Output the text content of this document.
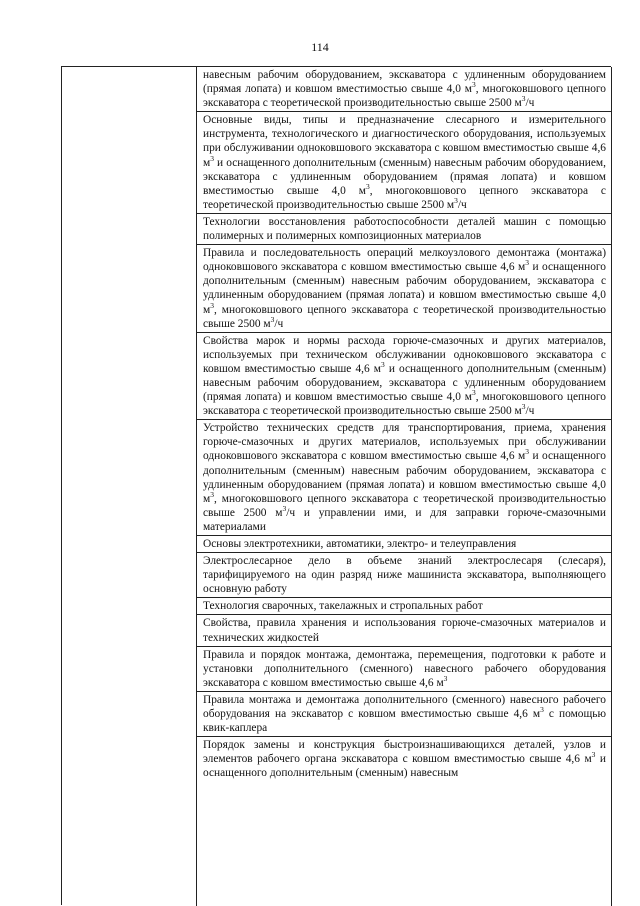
114
навесным рабочим оборудованием, экскаватора с удлиненным оборудованием (прямая лопата) и ковшом вместимостью свыше 4,0 $м^3$, многоковшового цепного экскаватора с теоретической производительностью свыше 2500 $м^3/ч$
Основные виды, типы и предназначение слесарного и измерительного инструмента, технологического и диагностического оборудования, используемых при обслуживании одноковшового экскаватора с ковшом вместимостью свыше 4,6 $м^3$ и оснащенного дополнительным (сменным) навесным рабочим оборудованием, экскаватора с удлиненным оборудованием (прямая лопата) и ковшом вместимостью свыше 4,0 $м^3$, многоковшового цепного экскаватора с теоретической производительностью свыше 2500 $м^3/ч$
Технологии восстановления работоспособности деталей машин с помощью полимерных и полимерных композиционных материалов
Правила и последовательность операций мелкоузлового демонтажа (монтажа) одноковшового экскаватора с ковшом вместимостью свыше 4,6 $м^3$ и оснащенного дополнительным (сменным) навесным рабочим оборудованием, экскаватора с удлиненным оборудованием (прямая лопата) и ковшом вместимостью свыше 4,0 $м^3$, многоковшового цепного экскаватора с теоретической производительностью свыше 2500 $м^3/ч$
Свойства марок и нормы расхода горюче-смазочных и других материалов, используемых при техническом обслуживании одноковшового экскаватора с ковшом вместимостью свыше 4,6 $м^3$ и оснащенного дополнительным (сменным) навесным рабочим оборудованием, экскаватора с удлиненным оборудованием (прямая лопата) и ковшом вместимостью свыше 4,0 $м^3$, многоковшового цепного экскаватора с теоретической производительностью свыше 2500 $м^3/ч$
Устройство технических средств для транспортирования, приема, хранения горюче-смазочных и других материалов, используемых при обслуживании одноковшового экскаватора с ковшом вместимостью свыше 4,6 $м^3$ и оснащенного дополнительным (сменным) навесным рабочим оборудованием, экскаватора с удлиненным оборудованием (прямая лопата) и ковшом вместимостью свыше 4,0 $м^3$, многоковшового цепного экскаватора с теоретической производительностью свыше 2500 $м^3/ч$ и управлении ими, и для заправки горюче-смазочными материалами
Основы электротехники, автоматики, электро- и телеуправления
Электрослесарное дело в объеме знаний электрослесаря (слесаря), тарифицируемого на один разряд ниже машиниста экскаватора, выполняющего основную работу
Технология сварочных, такелажных и стропальных работ
Свойства, правила хранения и использования горюче-смазочных материалов и технических жидкостей
Правила и порядок монтажа, демонтажа, перемещения, подготовки к работе и установки дополнительного (сменного) навесного рабочего оборудования экскаватора с ковшом вместимостью свыше 4,6 $м^3$
Правила монтажа и демонтажа дополнительного (сменного) навесного рабочего оборудования на экскаватор с ковшом вместимостью свыше 4,6 $м^3$ с помощью квик-каплера
Порядок замены и конструкция быстроизнашивающихся деталей, узлов и элементов рабочего органа экскаватора с ковшом вместимостью свыше 4,6 $м^3$ и оснащенного дополнительным (сменным) навесным
